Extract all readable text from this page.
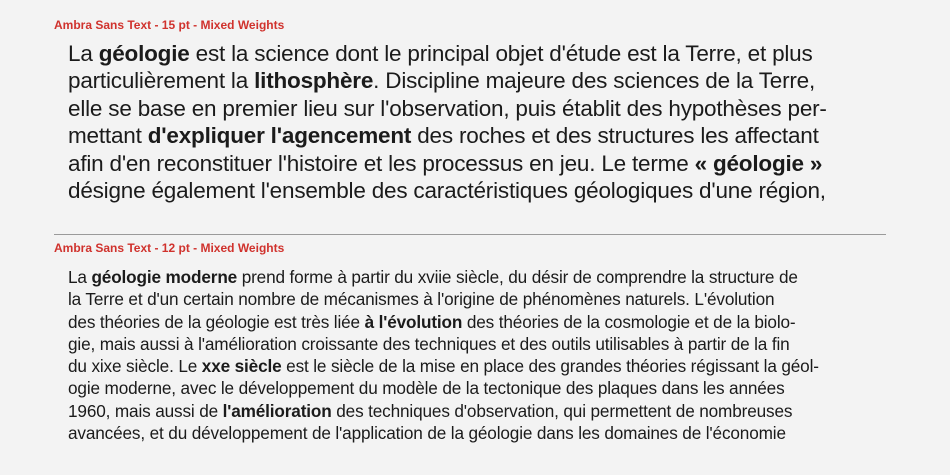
Ambra Sans Text - 15 pt - Mixed Weights
La géologie est la science dont le principal objet d'étude est la Terre, et plus
particulièrement la lithosphère. Discipline majeure des sciences de la Terre,
elle se base en premier lieu sur l'observation, puis établit des hypothèses per-
mettant d'expliquer l'agencement des roches et des structures les affectant
afin d'en reconstituer l'histoire et les processus en jeu. Le terme « géologie »
désigne également l'ensemble des caractéristiques géologiques d'une région,
Ambra Sans Text - 12 pt - Mixed Weights
La géologie moderne prend forme à partir du xviie siècle, du désir de comprendre la structure de
la Terre et d'un certain nombre de mécanismes à l'origine de phénomènes naturels. L'évolution
des théories de la géologie est très liée à l'évolution des théories de la cosmologie et de la biolo-
gie, mais aussi à l'amélioration croissante des techniques et des outils utilisables à partir de la fin
du xixe siècle. Le xxe siècle est le siècle de la mise en place des grandes théories régissant la géol-
ogie moderne, avec le développement du modèle de la tectonique des plaques dans les années
1960, mais aussi de l'amélioration des techniques d'observation, qui permettent de nombreuses
avancées, et du développement de l'application de la géologie dans les domaines de l'économie
